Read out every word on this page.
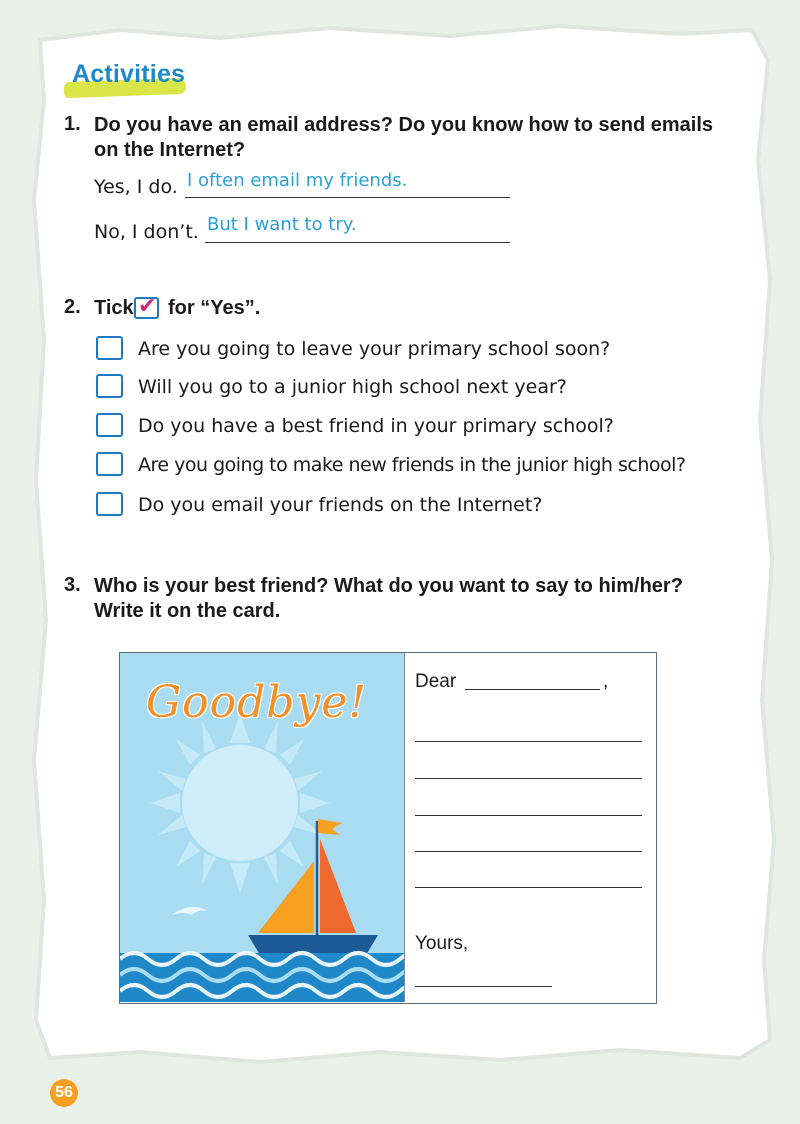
Activities
1. Do you have an email address? Do you know how to send emails
on the Internet?
Yes, I do. I often email my friends.
No, I don’t. But I want to try.
2. Tick ✔ for “Yes”.
Are you going to leave your primary school soon?
Will you go to a junior high school next year?
Do you have a best friend in your primary school?
Are you going to make new friends in the junior high school?
Do you email your friends on the Internet?
3. Who is your best friend? What do you want to say to him/her?
Write it on the card.
Goodbye!	Dear	,
Yours,
56
